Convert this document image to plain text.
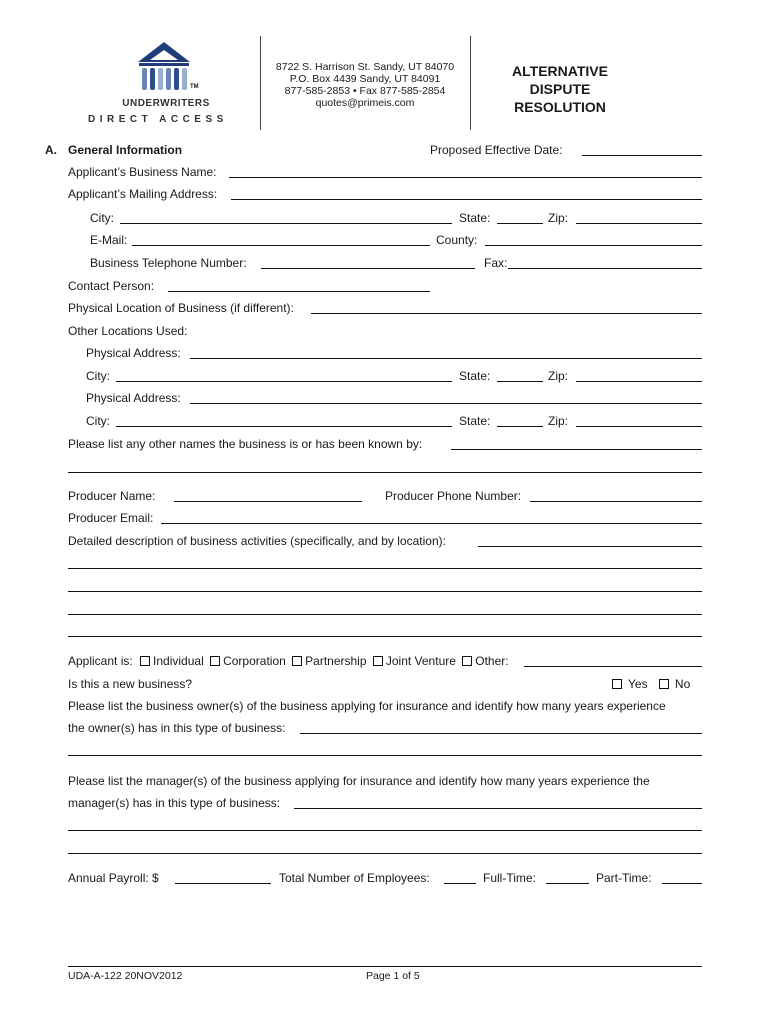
TM
UNDERWRITERS
DIRECT ACCESS
8722 S. Harrison St. Sandy, UT 84070
P.O. Box 4439 Sandy, UT 84091
877-585-2853 • Fax 877-585-2854
quotes@primeis.com
ALTERNATIVE
DISPUTE
RESOLUTION
A. General Information	Proposed Effective Date:
Applicant’s Business Name:
Applicant’s Mailing Address:
City:	State:	Zip:
E-Mail:	County:
Business Telephone Number:	Fax:
Contact Person:
Physical Location of Business (if different):
Other Locations Used:
Physical Address:
City:	State:	Zip:
Physical Address:
City:	State:	Zip:
Please list any other names the business is or has been known by:
Producer Name:	Producer Phone Number:
Producer Email:
Detailed description of business activities (specifically, and by location):
Applicant is: Individual Corporation Partnership Joint Venture Other:
Is this a new business?	Yes No
Please list the business owner(s) of the business applying for insurance and identify how many years experience
the owner(s) has in this type of business:
Please list the manager(s) of the business applying for insurance and identify how many years experience the
manager(s) has in this type of business:
Annual Payroll: $	Total Number of Employees:	Full-Time:	Part-Time:
UDA-A-122 20NOV2012	Page 1 of 5
